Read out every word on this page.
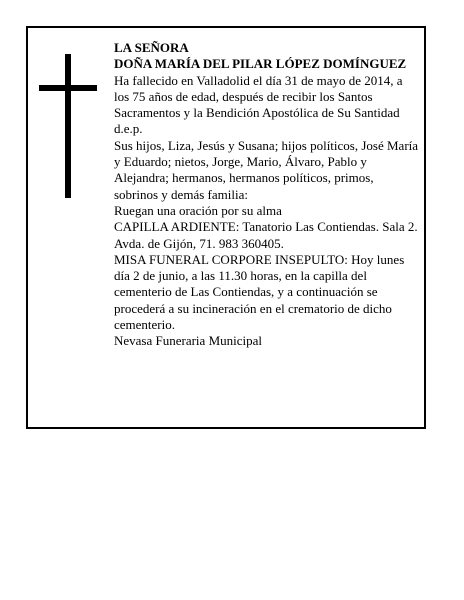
LA SEÑORA

DOÑA MARÍA DEL PILAR LÓPEZ DOMÍNGUEZ

Ha fallecido en Valladolid el día 31 de mayo de 2014, a los 75 años de edad, después de recibir los Santos Sacramentos y la Bendición Apostólica de Su Santidad d.e.p.

Sus hijos, Liza, Jesús y Susana; hijos políticos, José María y Eduardo; nietos, Jorge, Mario, Álvaro, Pablo y Alejandra; hermanos, hermanos políticos, primos, sobrinos y demás familia:

Ruegan una oración por su alma

CAPILLA ARDIENTE: Tanatorio Las Contiendas. Sala 2. Avda. de Gijón, 71. 983 360405.

MISA FUNERAL CORPORE INSEPULTO: Hoy lunes día 2 de junio, a las 11.30 horas, en la capilla del cementerio de Las Contiendas, y a continuación se procederá a su incineración en el crematorio de dicho cementerio.

Nevasa Funeraria Municipal
